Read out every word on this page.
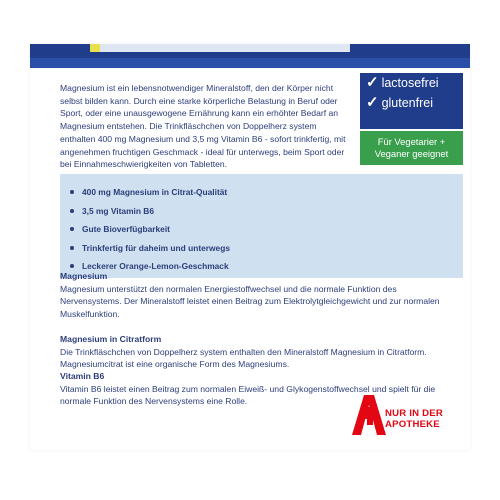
Magnesium ist ein lebensnotwendiger Mineralstoff, den der Körper nicht selbst bilden kann. Durch eine starke körperliche Belastung in Beruf oder Sport, oder eine unausgewogene Ernährung kann ein erhöhter Bedarf an Magnesium entstehen. Die Trinkfläschchen von Doppelherz system enthalten 400 mg Magnesium und 3,5 mg Vitamin B6 - sofort trinkfertig, mit angenehmen fruchtigen Geschmack - ideal für unterwegs, beim Sport oder bei Einnahmeschwierigkeiten von Tabletten.
✓ lactosefrei
✓ glutenfrei
Für Vegetarier + Veganer geeignet
400 mg Magnesium in Citrat-Qualität
3,5 mg Vitamin B6
Gute Bioverfügbarkeit
Trinkfertig für daheim und unterwegs
Leckerer Orange-Lemon-Geschmack
Magnesium
Magnesium unterstützt den normalen Energiestoffwechsel und die normale Funktion des Nervensystems. Der Mineralstoff leistet einen Beitrag zum Elektrolytgleichgewicht und zur normalen Muskelfunktion.
Magnesium in Citratform
Die Trinkfläschchen von Doppelherz system enthalten den Mineralstoff Magnesium in Citratform. Magnesiumcitrat ist eine organische Form des Magnesiums.
Vitamin B6
Vitamin B6 leistet einen Beitrag zum normalen Eiweiß- und Glykogenstoffwechsel und spielt für die normale Funktion des Nervensystems eine Rolle.
NUR IN DER
APOTHEKE
